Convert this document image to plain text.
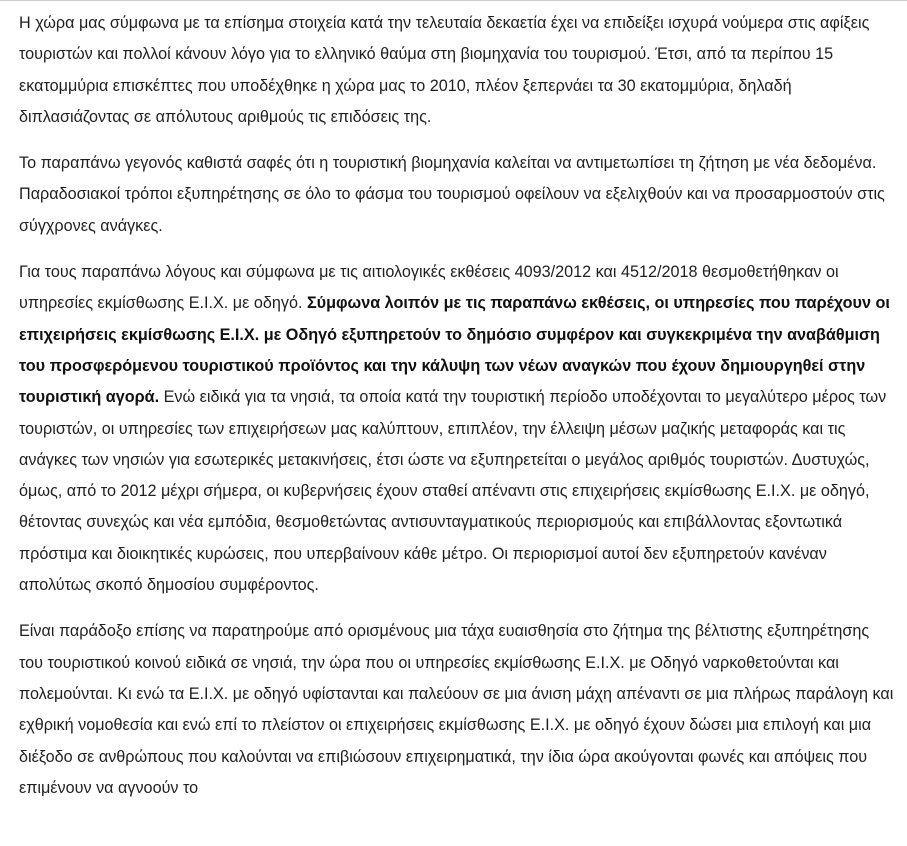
Η χώρα μας σύμφωνα με τα επίσημα στοιχεία κατά την τελευταία δεκαετία έχει να επιδείξει ισχυρά νούμερα στις αφίξεις τουριστών και πολλοί κάνουν λόγο για το ελληνικό θαύμα στη βιομηχανία του τουρισμού. Έτσι, από τα περίπου 15 εκατομμύρια επισκέπτες που υποδέχθηκε η χώρα μας το 2010, πλέον ξεπερνάει τα 30 εκατομμύρια, δηλαδή διπλασιάζοντας σε απόλυτους αριθμούς τις επιδόσεις της.

Το παραπάνω γεγονός καθιστά σαφές ότι η τουριστική βιομηχανία καλείται να αντιμετωπίσει τη ζήτηση με νέα δεδομένα. Παραδοσιακοί τρόποι εξυπηρέτησης σε όλο το φάσμα του τουρισμού οφείλουν να εξελιχθούν και να προσαρμοστούν στις σύγχρονες ανάγκες.

Για τους παραπάνω λόγους και σύμφωνα με τις αιτιολογικές εκθέσεις 4093/2012 και 4512/2018 θεσμοθετήθηκαν οι υπηρεσίες εκμίσθωσης Ε.Ι.Χ. με οδηγό. Σύμφωνα λοιπόν με τις παραπάνω εκθέσεις, οι υπηρεσίες που παρέχουν οι επιχειρήσεις εκμίσθωσης Ε.Ι.Χ. με Οδηγό εξυπηρετούν το δημόσιο συμφέρον και συγκεκριμένα την αναβάθμιση του προσφερόμενου τουριστικού προϊόντος και την κάλυψη των νέων αναγκών που έχουν δημιουργηθεί στην τουριστική αγορά. Ενώ ειδικά για τα νησιά, τα οποία κατά την τουριστική περίοδο υποδέχονται το μεγαλύτερο μέρος των τουριστών, οι υπηρεσίες των επιχειρήσεων μας καλύπτουν, επιπλέον, την έλλειψη μέσων μαζικής μεταφοράς και τις ανάγκες των νησιών για εσωτερικές μετακινήσεις, έτσι ώστε να εξυπηρετείται ο μεγάλος αριθμός τουριστών. Δυστυχώς, όμως, από το 2012 μέχρι σήμερα, οι κυβερνήσεις έχουν σταθεί απέναντι στις επιχειρήσεις εκμίσθωσης Ε.Ι.Χ. με οδηγό, θέτοντας συνεχώς και νέα εμπόδια, θεσμοθετώντας αντισυνταγματικούς περιορισμούς και επιβάλλοντας εξοντωτικά πρόστιμα και διοικητικές κυρώσεις, που υπερβαίνουν κάθε μέτρο. Οι περιορισμοί αυτοί δεν εξυπηρετούν κανέναν απολύτως σκοπό δημοσίου συμφέροντος.

Είναι παράδοξο επίσης να παρατηρούμε από ορισμένους μια τάχα ευαισθησία στο ζήτημα της βέλτιστης εξυπηρέτησης του τουριστικού κοινού ειδικά σε νησιά, την ώρα που οι υπηρεσίες εκμίσθωσης Ε.Ι.Χ. με Οδηγό ναρκοθετούνται και πολεμούνται. Κι ενώ τα Ε.Ι.Χ. με οδηγό υφίστανται και παλεύουν σε μια άνιση μάχη απέναντι σε μια πλήρως παράλογη και εχθρική νομοθεσία και ενώ επί το πλείστον οι επιχειρήσεις εκμίσθωσης Ε.Ι.Χ. με οδηγό έχουν δώσει μια επιλογή και μια διέξοδο σε ανθρώπους που καλούνται να επιβιώσουν επιχειρηματικά, την ίδια ώρα ακούγονται φωνές και απόψεις που επιμένουν να αγνοούν το
